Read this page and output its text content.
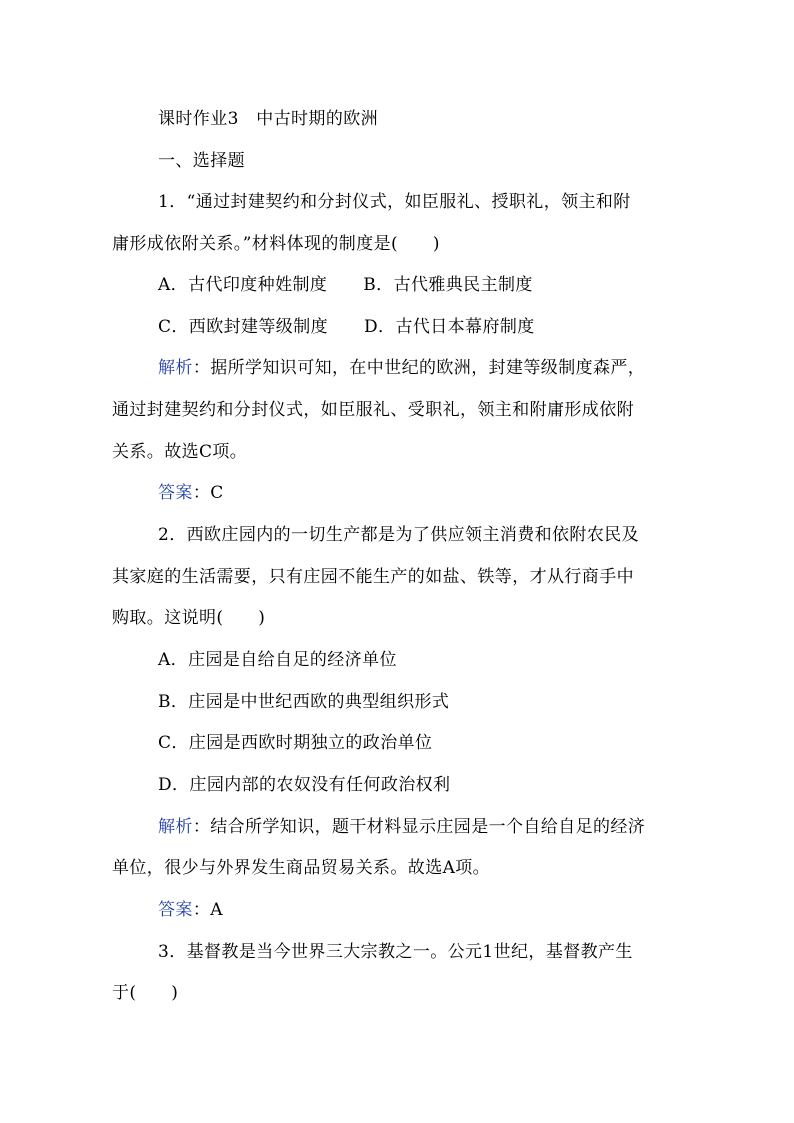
课时作业3　中古时期的欧洲
一、选择题
1．“通过封建契约和分封仪式，如臣服礼、授职礼，领主和附
庸形成依附关系。”材料体现的制度是(　　)
A．古代印度种姓制度 B．古代雅典民主制度
C．西欧封建等级制度 D．古代日本幕府制度
解析：据所学知识可知，在中世纪的欧洲，封建等级制度森严，
通过封建契约和分封仪式，如臣服礼、受职礼，领主和附庸形成依附
关系。故选C项。
答案：C
2．西欧庄园内的一切生产都是为了供应领主消费和依附农民及
其家庭的生活需要，只有庄园不能生产的如盐、铁等，才从行商手中
购取。这说明(　　)
A．庄园是自给自足的经济单位
B．庄园是中世纪西欧的典型组织形式
C．庄园是西欧时期独立的政治单位
D．庄园内部的农奴没有任何政治权利
解析：结合所学知识，题干材料显示庄园是一个自给自足的经济
单位，很少与外界发生商品贸易关系。故选A项。
答案：A
3．基督教是当今世界三大宗教之一。公元1世纪，基督教产生
于(　　)
